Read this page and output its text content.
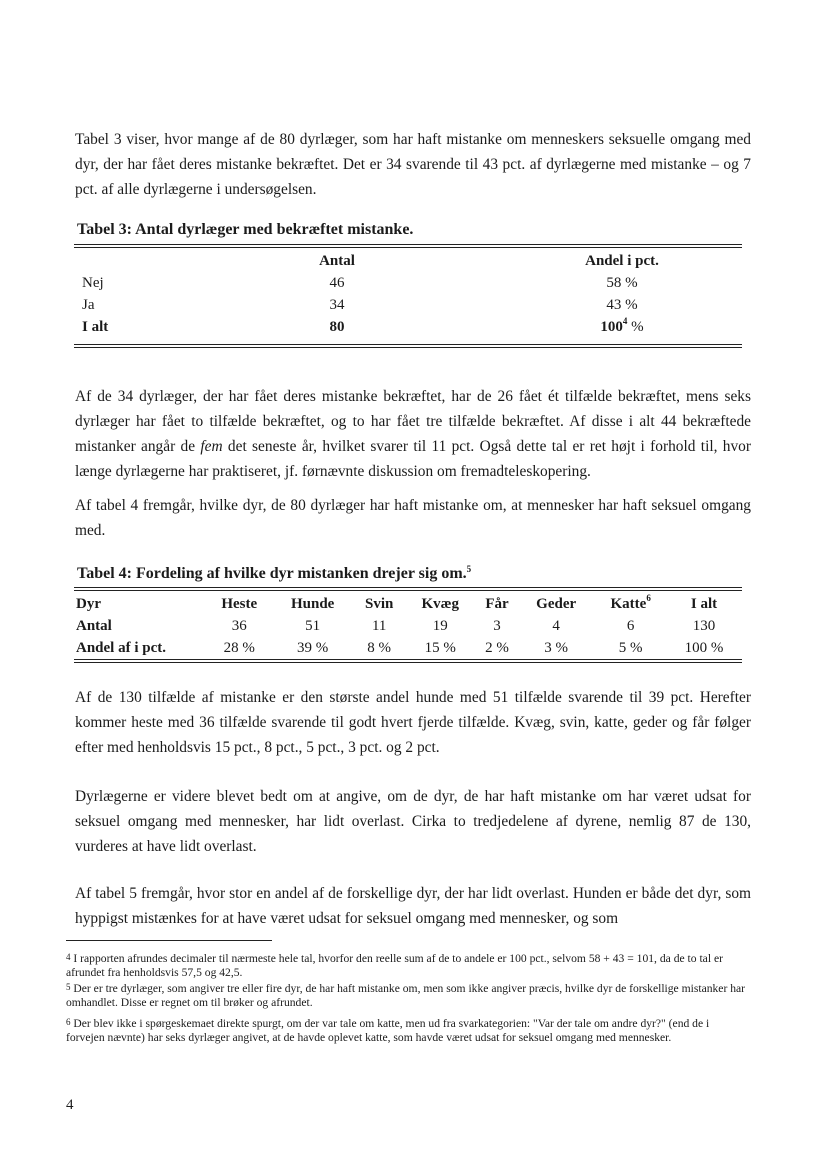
Tabel 3 viser, hvor mange af de 80 dyrlæger, som har haft mistanke om menneskers seksuelle omgang med dyr, der har fået deres mistanke bekræftet. Det er 34 svarende til 43 pct. af dyrlægerne med mistanke – og 7 pct. af alle dyrlægerne i undersøgelsen.

Tabel 3: Antal dyrlæger med bekræftet mistanke.

	Antal	Andel i pct.
Nej	46	58 %
Ja	34	43 %
I alt	80	$100^4$ %

Af de 34 dyrlæger, der har fået deres mistanke bekræftet, har de 26 fået ét tilfælde bekræftet, mens seks dyrlæger har fået to tilfælde bekræftet, og to har fået tre tilfælde bekræftet. Af disse i alt 44 bekræftede mistanker angår de fem det seneste år, hvilket svarer til 11 pct. Også dette tal er ret højt i forhold til, hvor længe dyrlægerne har praktiseret, jf. førnævnte diskussion om fremadteleskopering.

Af tabel 4 fremgår, hvilke dyr, de 80 dyrlæger har haft mistanke om, at mennesker har haft seksuel omgang med.

Tabel 4: Fordeling af hvilke dyr mistanken drejer sig om.$^5$

Dyr	Heste	Hunde	Svin	Kvæg	Får	Geder	Katte$^6$	I alt
Antal	36	51	11	19	3	4	6	130
Andel af i pct.	28 %	39 %	8 %	15 %	2 %	3 %	5 %	100 %

Af de 130 tilfælde af mistanke er den største andel hunde med 51 tilfælde svarende til 39 pct. Herefter kommer heste med 36 tilfælde svarende til godt hvert fjerde tilfælde. Kvæg, svin, katte, geder og får følger efter med henholdsvis 15 pct., 8 pct., 5 pct., 3 pct. og 2 pct.

Dyrlægerne er videre blevet bedt om at angive, om de dyr, de har haft mistanke om har været udsat for seksuel omgang med mennesker, har lidt overlast. Cirka to tredjedelene af dyrene, nemlig 87 de 130, vurderes at have lidt overlast.

Af tabel 5 fremgår, hvor stor en andel af de forskellige dyr, der har lidt overlast. Hunden er både det dyr, som hyppigst mistænkes for at have været udsat for seksuel omgang med mennesker, og som

$^4$ I rapporten afrundes decimaler til nærmeste hele tal, hvorfor den reelle sum af de to andele er 100 pct., selvom 58 + 43 = 101, da de to tal er afrundet fra henholdsvis 57,5 og 42,5.

$^5$ Der er tre dyrlæger, som angiver tre eller fire dyr, de har haft mistanke om, men som ikke angiver præcis, hvilke dyr de forskellige mistanker har omhandlet. Disse er regnet om til brøker og afrundet.

$^6$ Der blev ikke i spørgeskemaet direkte spurgt, om der var tale om katte, men ud fra svarkategorien: "Var der tale om andre dyr?" (end de i forvejen nævnte) har seks dyrlæger angivet, at de havde oplevet katte, som havde været udsat for seksuel omgang med mennesker.

4
